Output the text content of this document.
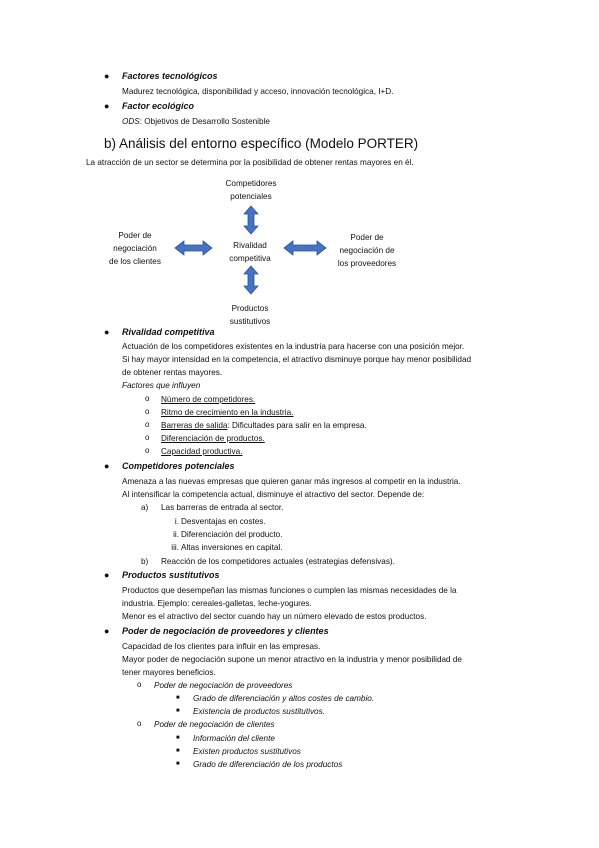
● Factores tecnológicos
Madurez tecnológica, disponibilidad y acceso, innovación tecnológica, I+D.
● Factor ecológico
ODS: Objetivos de Desarrollo Sostenible
b) Análisis del entorno específico (Modelo PORTER)
La atracción de un sector se determina por la posibilidad de obtener rentas mayores en él.
Competidores
potenciales
Poder de
negociación
de los clientes
Rivalidad
competitiva
Poder de
negociación de
los proveedores
Productos
sustitutivos
● Rivalidad competitiva
Actuación de los competidores existentes en la industria para hacerse con una posición mejor.
Si hay mayor intensidad en la competencia, el atractivo disminuye porque hay menor posibilidad
de obtener rentas mayores.
Factores que influyen
o Número de competidores.
o Ritmo de crecimiento en la industria.
o Barreras de salida: Dificultades para salir en la empresa.
o Diferenciación de productos.
o Capacidad productiva.
● Competidores potenciales
Amenaza a las nuevas empresas que quieren ganar más ingresos al competir en la industria.
Al intensificar la competencia actual, disminuye el atractivo del sector. Depende de:
a) Las barreras de entrada al sector.
i. Desventajas en costes.
ii. Diferenciación del producto.
iii. Altas inversiones en capital.
b) Reacción de los competidores actuales (estrategias defensivas).
● Productos sustitutivos
Productos que desempeñan las mismas funciones o cumplen las mismas necesidades de la
industria. Ejemplo: cereales-galletas, leche-yogures.
Menor es el atractivo del sector cuando hay un número elevado de estos productos.
● Poder de negociación de proveedores y clientes
Capacidad de los clientes para influir en las empresas.
Mayor poder de negociación supone un menor atractivo en la industria y menor posibilidad de
tener mayores beneficios.
o Poder de negociación de proveedores
■ Grado de diferenciación y altos costes de cambio.
■ Existencia de productos sustitutivos.
o Poder de negociación de clientes
■ Información del cliente
■ Existen productos sustitutivos
■ Grado de diferenciación de los productos
